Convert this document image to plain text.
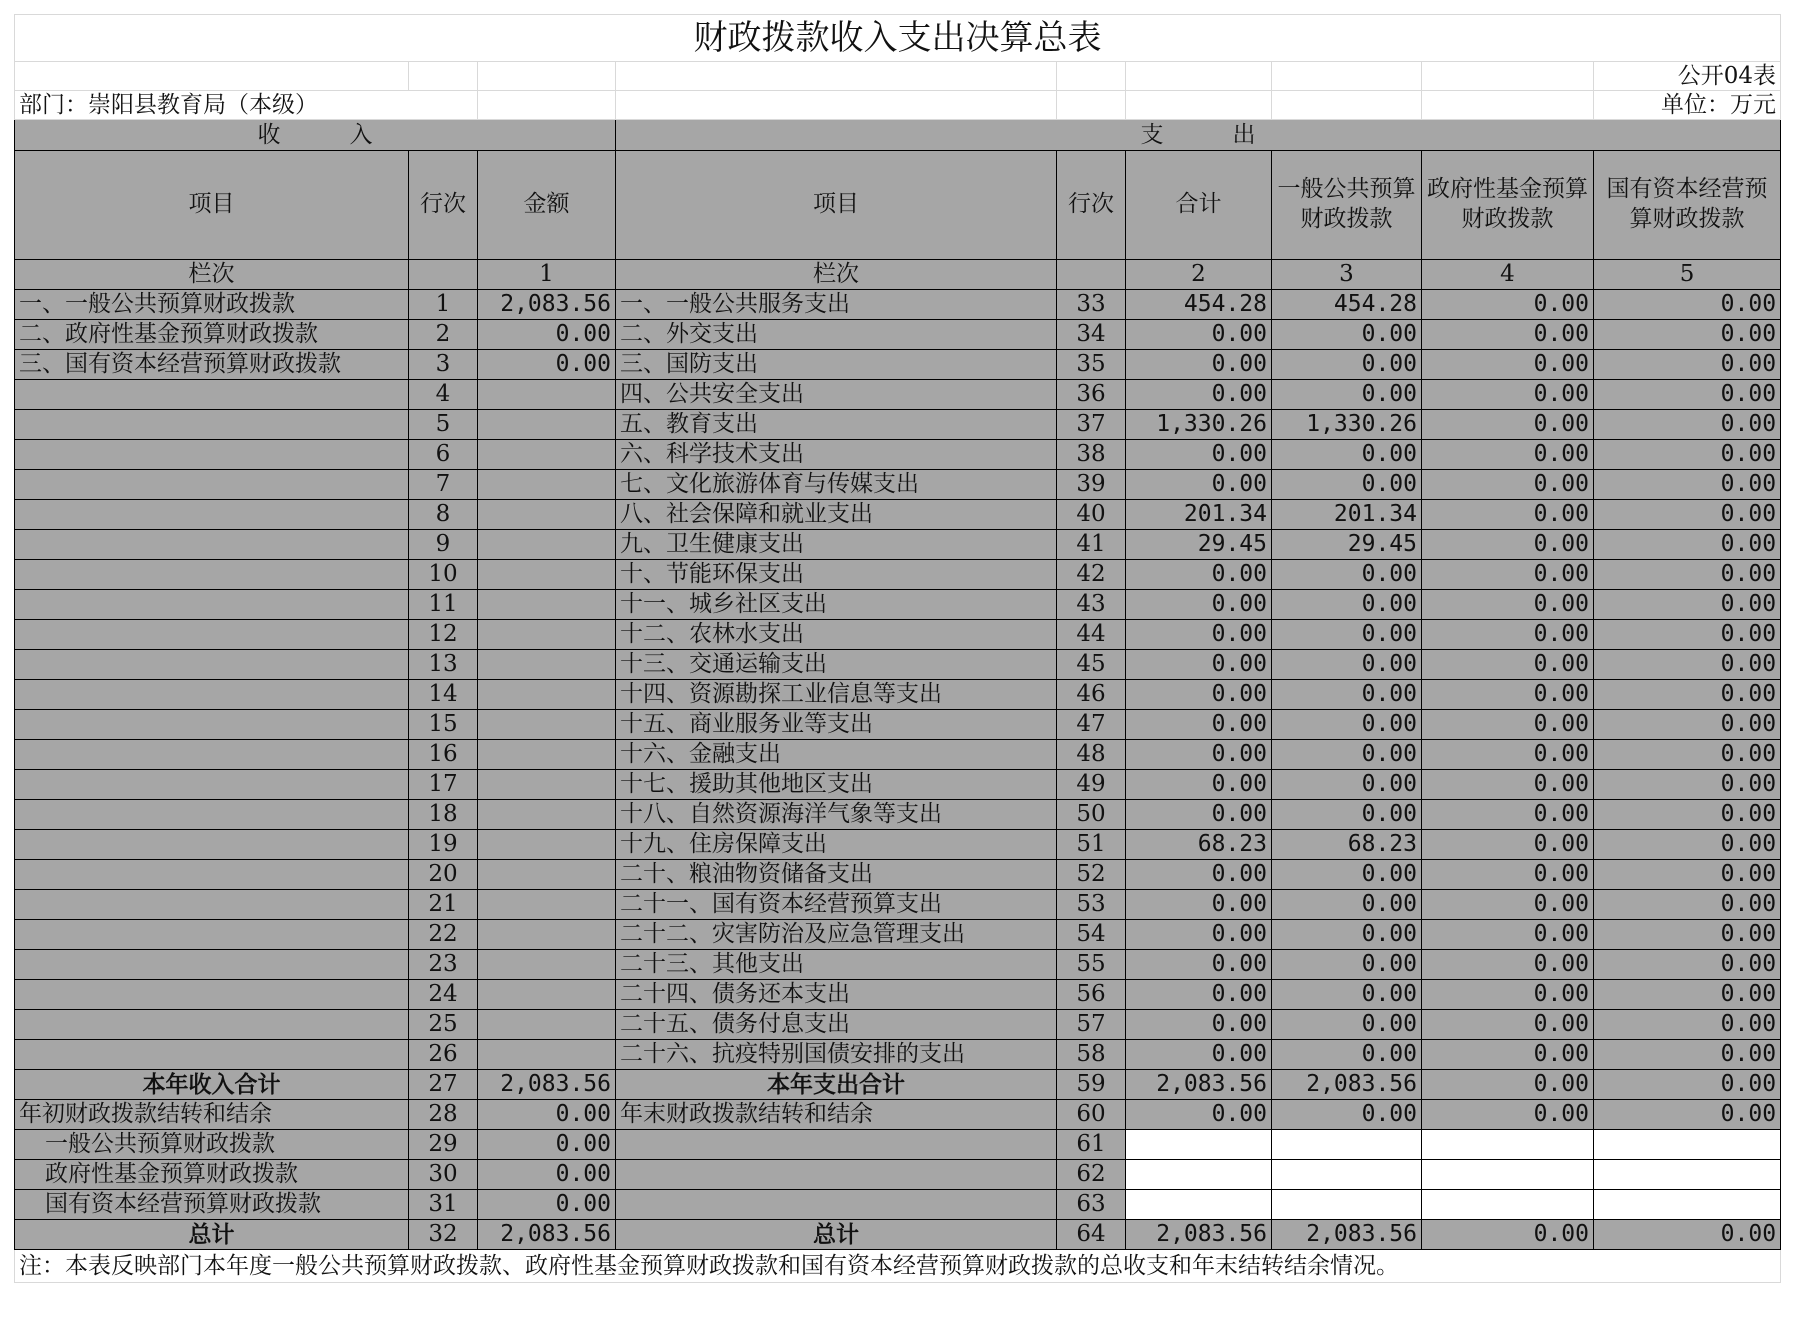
财政拨款收入支出决算总表								
								公开04表
部门：崇阳县教育局（本级）								单位：万元
收　　　入			支　　　出					
项目	行次	金额	项目	行次	合计	一般公共预算财政拨款	政府性基金预算财政拨款	国有资本经营预算财政拨款
栏次		1	栏次		2	3	4	5
一、一般公共预算财政拨款	1	2,083.56	一、一般公共服务支出	33	454.28	454.28	0.00	0.00
二、政府性基金预算财政拨款	2	0.00	二、外交支出	34	0.00	0.00	0.00	0.00
三、国有资本经营预算财政拨款	3	0.00	三、国防支出	35	0.00	0.00	0.00	0.00
	4		四、公共安全支出	36	0.00	0.00	0.00	0.00
	5		五、教育支出	37	1,330.26	1,330.26	0.00	0.00
	6		六、科学技术支出	38	0.00	0.00	0.00	0.00
	7		七、文化旅游体育与传媒支出	39	0.00	0.00	0.00	0.00
	8		八、社会保障和就业支出	40	201.34	201.34	0.00	0.00
	9		九、卫生健康支出	41	29.45	29.45	0.00	0.00
	10		十、节能环保支出	42	0.00	0.00	0.00	0.00
	11		十一、城乡社区支出	43	0.00	0.00	0.00	0.00
	12		十二、农林水支出	44	0.00	0.00	0.00	0.00
	13		十三、交通运输支出	45	0.00	0.00	0.00	0.00
	14		十四、资源勘探工业信息等支出	46	0.00	0.00	0.00	0.00
	15		十五、商业服务业等支出	47	0.00	0.00	0.00	0.00
	16		十六、金融支出	48	0.00	0.00	0.00	0.00
	17		十七、援助其他地区支出	49	0.00	0.00	0.00	0.00
	18		十八、自然资源海洋气象等支出	50	0.00	0.00	0.00	0.00
	19		十九、住房保障支出	51	68.23	68.23	0.00	0.00
	20		二十、粮油物资储备支出	52	0.00	0.00	0.00	0.00
	21		二十一、国有资本经营预算支出	53	0.00	0.00	0.00	0.00
	22		二十二、灾害防治及应急管理支出	54	0.00	0.00	0.00	0.00
	23		二十三、其他支出	55	0.00	0.00	0.00	0.00
	24		二十四、债务还本支出	56	0.00	0.00	0.00	0.00
	25		二十五、债务付息支出	57	0.00	0.00	0.00	0.00
	26		二十六、抗疫特别国债安排的支出	58	0.00	0.00	0.00	0.00
本年收入合计	27	2,083.56	本年支出合计	59	2,083.56	2,083.56	0.00	0.00
年初财政拨款结转和结余	28	0.00	年末财政拨款结转和结余	60	0.00	0.00	0.00	0.00
一般公共预算财政拨款	29	0.00		61				
政府性基金预算财政拨款	30	0.00		62				
国有资本经营预算财政拨款	31	0.00		63				
总计	32	2,083.56	总计	64	2,083.56	2,083.56	0.00	0.00
注：本表反映部门本年度一般公共预算财政拨款、政府性基金预算财政拨款和国有资本经营预算财政拨款的总收支和年末结转结余情况。								
